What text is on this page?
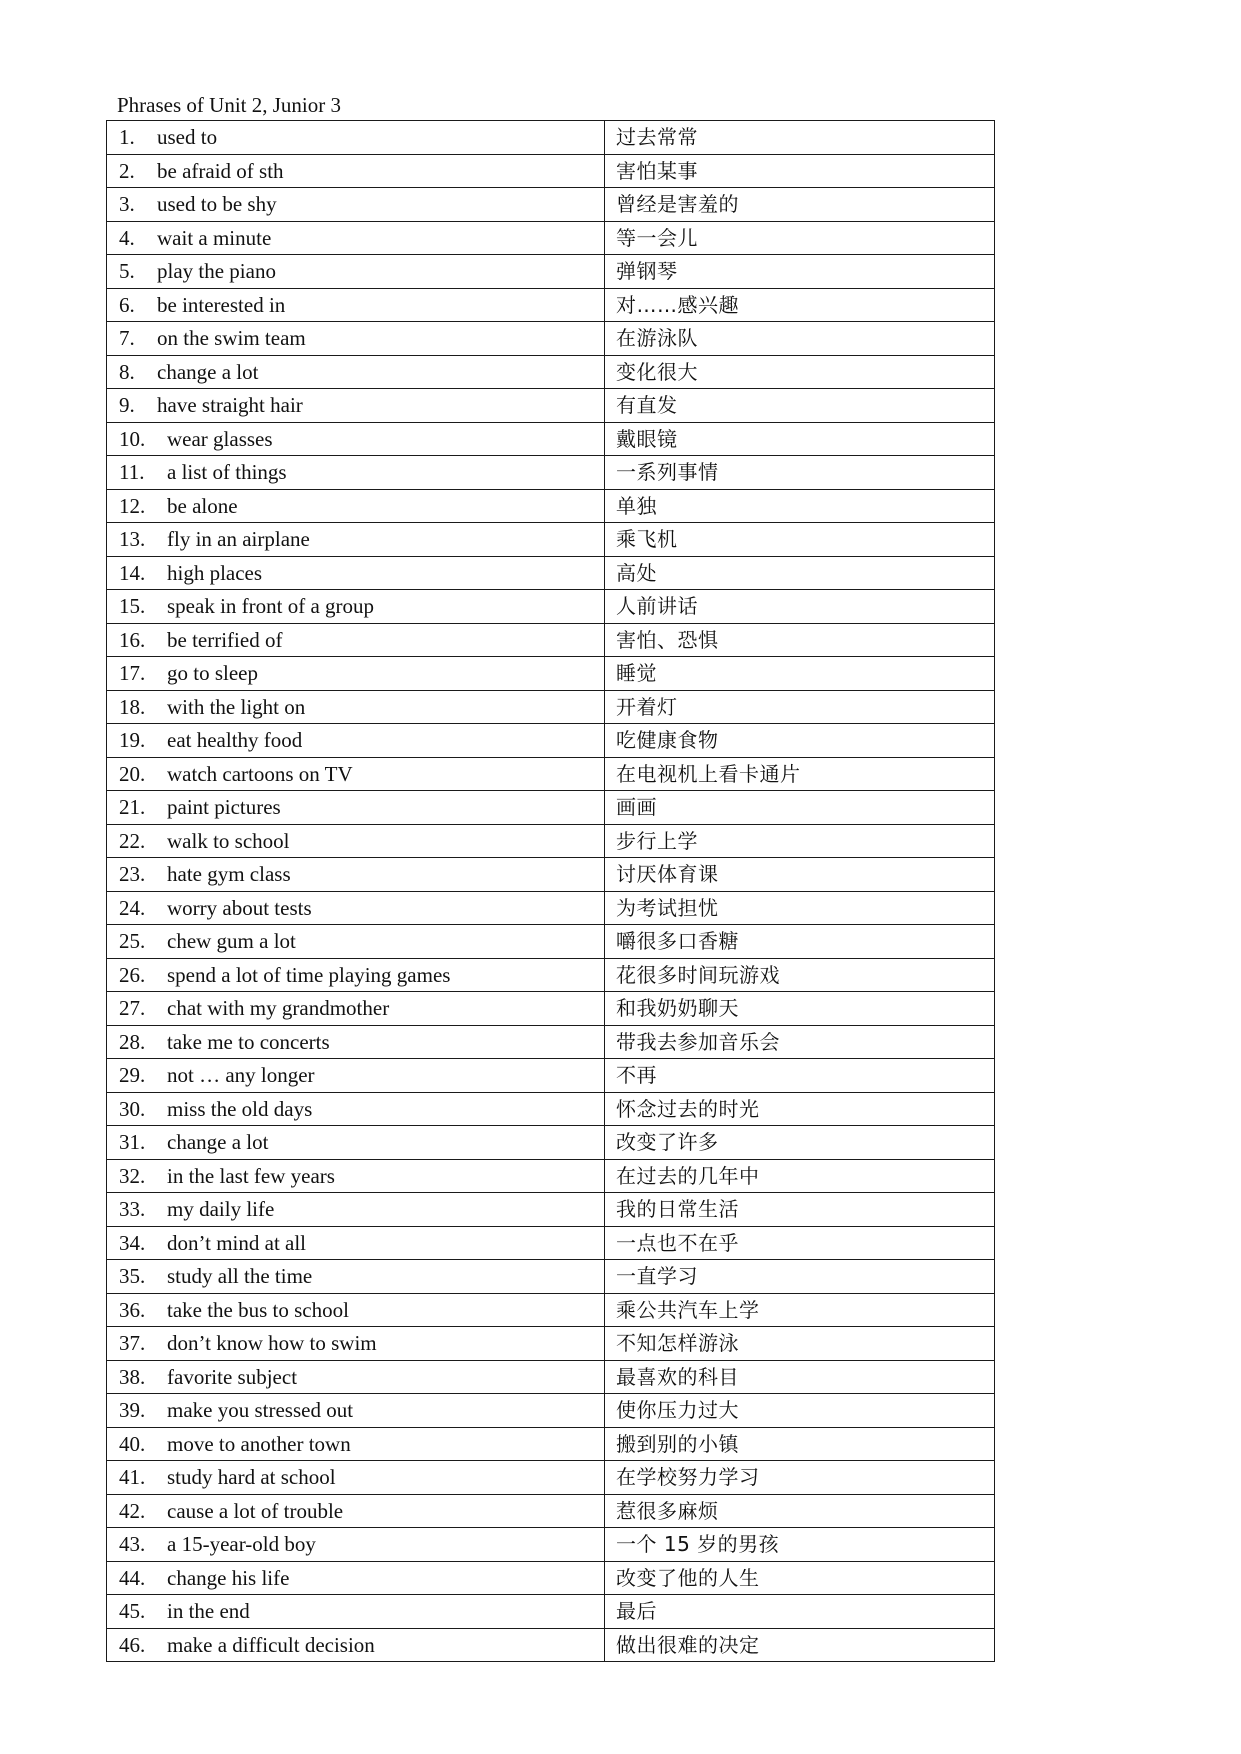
Phrases of Unit 2, Junior 3
1. used to	过去常常
2. be afraid of sth	害怕某事
3. used to be shy	曾经是害羞的
4. wait a minute	等一会儿
5. play the piano	弹钢琴
6. be interested in	对……感兴趣
7. on the swim team	在游泳队
8. change a lot	变化很大
9. have straight hair	有直发
10. wear glasses	戴眼镜
11. a list of things	一系列事情
12. be alone	单独
13. fly in an airplane	乘飞机
14. high places	高处
15. speak in front of a group	人前讲话
16. be terrified of	害怕、恐惧
17. go to sleep	睡觉
18. with the light on	开着灯
19. eat healthy food	吃健康食物
20. watch cartoons on TV	在电视机上看卡通片
21. paint pictures	画画
22. walk to school	步行上学
23. hate gym class	讨厌体育课
24. worry about tests	为考试担忧
25. chew gum a lot	嚼很多口香糖
26. spend a lot of time playing games	花很多时间玩游戏
27. chat with my grandmother	和我奶奶聊天
28. take me to concerts	带我去参加音乐会
29. not … any longer	不再
30. miss the old days	怀念过去的时光
31. change a lot	改变了许多
32. in the last few years	在过去的几年中
33. my daily life	我的日常生活
34. don’t mind at all	一点也不在乎
35. study all the time	一直学习
36. take the bus to school	乘公共汽车上学
37. don’t know how to swim	不知怎样游泳
38. favorite subject	最喜欢的科目
39. make you stressed out	使你压力过大
40. move to another town	搬到别的小镇
41. study hard at school	在学校努力学习
42. cause a lot of trouble	惹很多麻烦
43. a 15-year-old boy	一个 15 岁的男孩
44. change his life	改变了他的人生
45. in the end	最后
46. make a difficult decision	做出很难的决定
